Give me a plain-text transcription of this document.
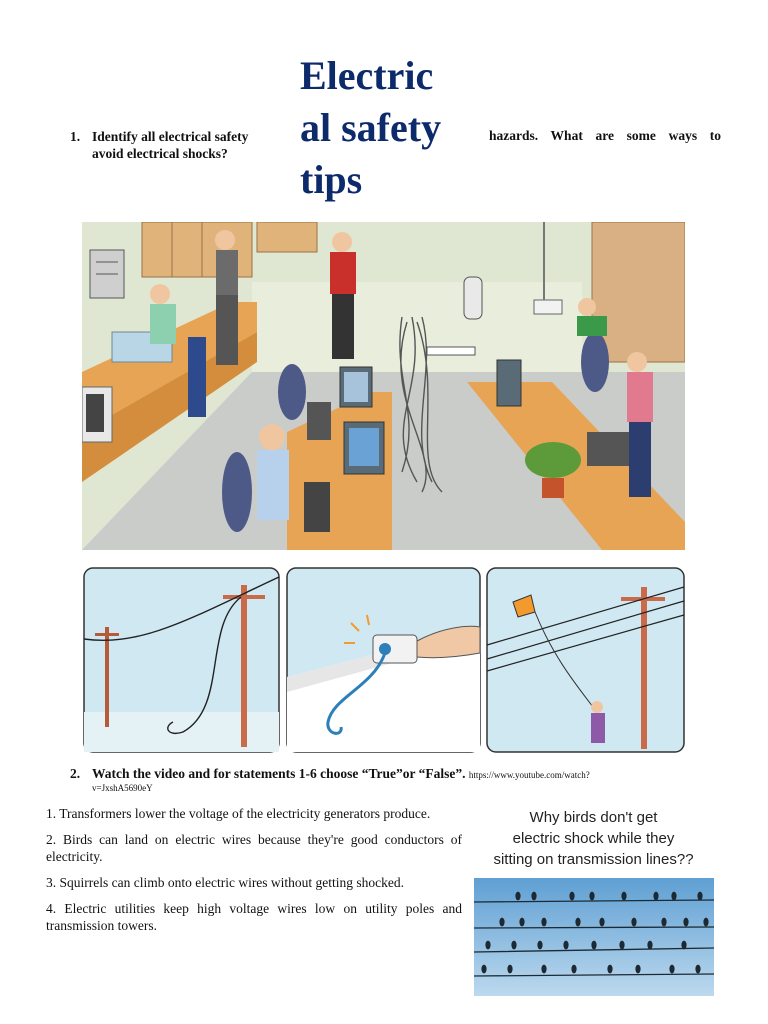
Electric
al safety
tips
1. Identify all electrical safety
avoid electrical shocks?
hazards. What are some ways to
2. Watch the video and for statements 1-6 choose “True”or “False”. https://www.youtube.com/watch?
v=JxshA5690eY

1. Transformers lower the voltage of the electricity generators produce.

2. Birds can land on electric wires because they're good conductors of electricity.

3. Squirrels can climb onto electric wires without getting shocked.

4. Electric utilities keep high voltage wires low on utility poles and transmission towers.

Why birds don't get
electric shock while they
sitting on transmission lines??
